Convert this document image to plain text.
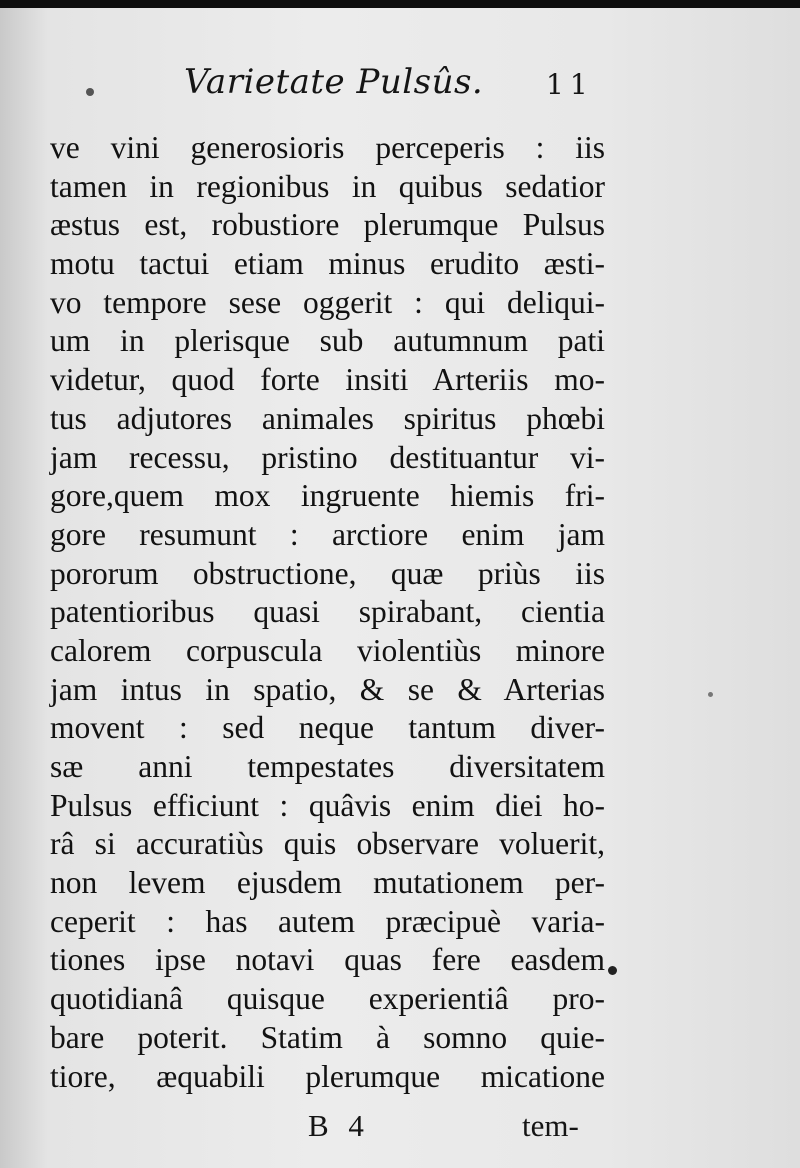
Varietate Pulsûs. 11
ve vini generosioris perceperis : iis
tamen in regionibus in quibus sedatior
æstus est, robustiore plerumque Pulsus
motu tactui etiam minus erudito æsti-
vo tempore sese oggerit : qui deliqui-
um in plerisque sub autumnum pati
videtur, quod forte insiti Arteriis mo-
tus adjutores animales spiritus phœbi
jam recessu, pristino destituantur vi-
gore,quem mox ingruente hiemis fri-
gore resumunt : arctiore enim jam
pororum obstructione, quæ priùs iis
patentioribus quasi spirabant, cientia
calorem corpuscula violentiùs minore
jam intus in spatio, & se & Arterias
movent : sed neque tantum diver-
sæ anni tempestates diversitatem
Pulsus efficiunt : quâvis enim diei ho-
râ si accuratiùs quis observare voluerit,
non levem ejusdem mutationem per-
ceperit : has autem præcipuè varia-
tiones ipse notavi quas fere easdem
quotidianâ quisque experientiâ pro-
bare poterit. Statim à somno quie-
tiore, æquabili plerumque micatione
B 4	tem-
